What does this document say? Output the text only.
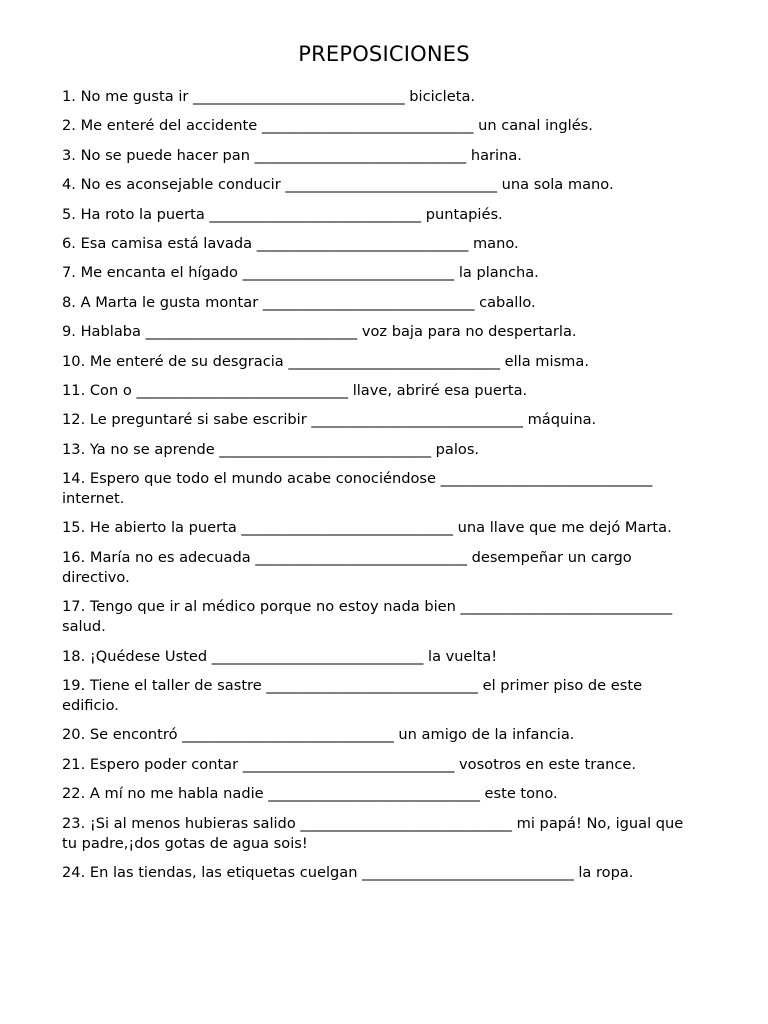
PREPOSICIONES
1. No me gusta ir _____________________________ bicicleta.
2. Me enteré del accidente _____________________________ un canal inglés.
3. No se puede hacer pan _____________________________ harina.
4. No es aconsejable conducir _____________________________ una sola mano.
5. Ha roto la puerta _____________________________ puntapiés.
6. Esa camisa está lavada _____________________________ mano.
7. Me encanta el hígado _____________________________ la plancha.
8. A Marta le gusta montar _____________________________ caballo.
9. Hablaba _____________________________ voz baja para no despertarla.
10. Me enteré de su desgracia _____________________________ ella misma.
11. Con o _____________________________ llave, abriré esa puerta.
12. Le preguntaré si sabe escribir _____________________________ máquina.
13. Ya no se aprende _____________________________ palos.
14. Espero que todo el mundo acabe conociéndose _____________________________ internet.
15. He abierto la puerta _____________________________ una llave que me dejó Marta.
16. María no es adecuada _____________________________ desempeñar un cargo directivo.
17. Tengo que ir al médico porque no estoy nada bien _____________________________ salud.
18. ¡Quédese Usted _____________________________ la vuelta!
19. Tiene el taller de sastre _____________________________ el primer piso de este edificio.
20. Se encontró _____________________________ un amigo de la infancia.
21. Espero poder contar _____________________________ vosotros en este trance.
22. A mí no me habla nadie _____________________________ este tono.
23. ¡Si al menos hubieras salido _____________________________ mi papá! No, igual que tu padre,¡dos gotas de agua sois!
24. En las tiendas, las etiquetas cuelgan _____________________________ la ropa.
